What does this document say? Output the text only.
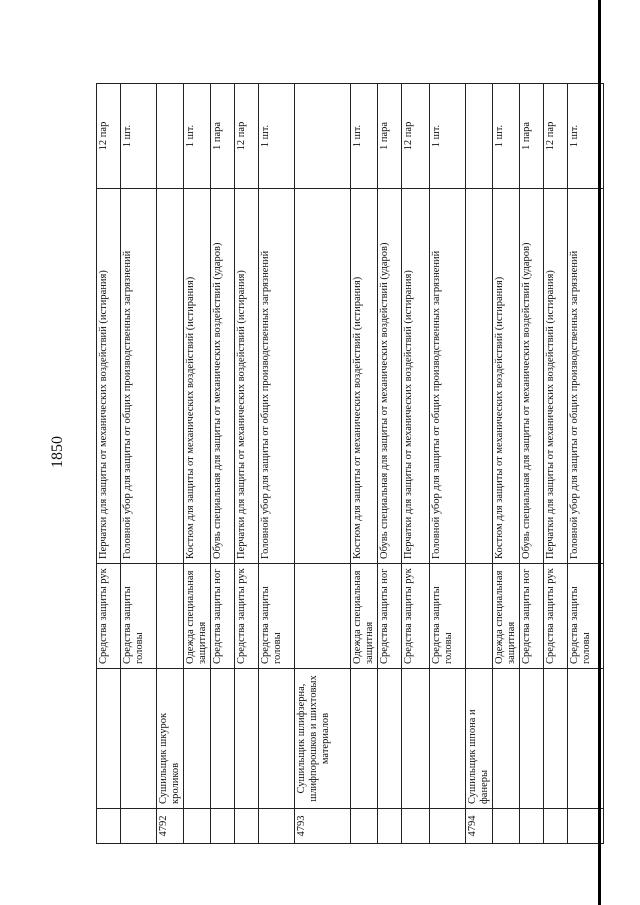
1850
		Средства защиты рук	Перчатки для защиты от механических воздействий (истирания)	12 пар
		Средства защиты головы	Головной убор для защиты от общих производственных загрязнений	1 шт.
4792	Сушильщик шкурок кроликов			
		Одежда специальная защитная	Костюм для защиты от механических воздействий (истирания)	1 шт.
		Средства защиты ног	Обувь специальная для защиты от механических воздействий (ударов)	1 пара
		Средства защиты рук	Перчатки для защиты от механических воздействий (истирания)	12 пар
		Средства защиты головы	Головной убор для защиты от общих производственных загрязнений	1 шт.
4793	Сушильщик шлифзерна, шлифпорошков и шихтовых материалов			
		Одежда специальная защитная	Костюм для защиты от механических воздействий (истирания)	1 шт.
		Средства защиты ног	Обувь специальная для защиты от механических воздействий (ударов)	1 пара
		Средства защиты рук	Перчатки для защиты от механических воздействий (истирания)	12 пар
		Средства защиты головы	Головной убор для защиты от общих производственных загрязнений	1 шт.
4794	Сушильщик шпона и фанеры			
		Одежда специальная защитная	Костюм для защиты от механических воздействий (истирания)	1 шт.
		Средства защиты ног	Обувь специальная для защиты от механических воздействий (ударов)	1 пара
		Средства защиты рук	Перчатки для защиты от механических воздействий (истирания)	12 пар
		Средства защиты головы	Головной убор для защиты от общих производственных загрязнений	1 шт.
